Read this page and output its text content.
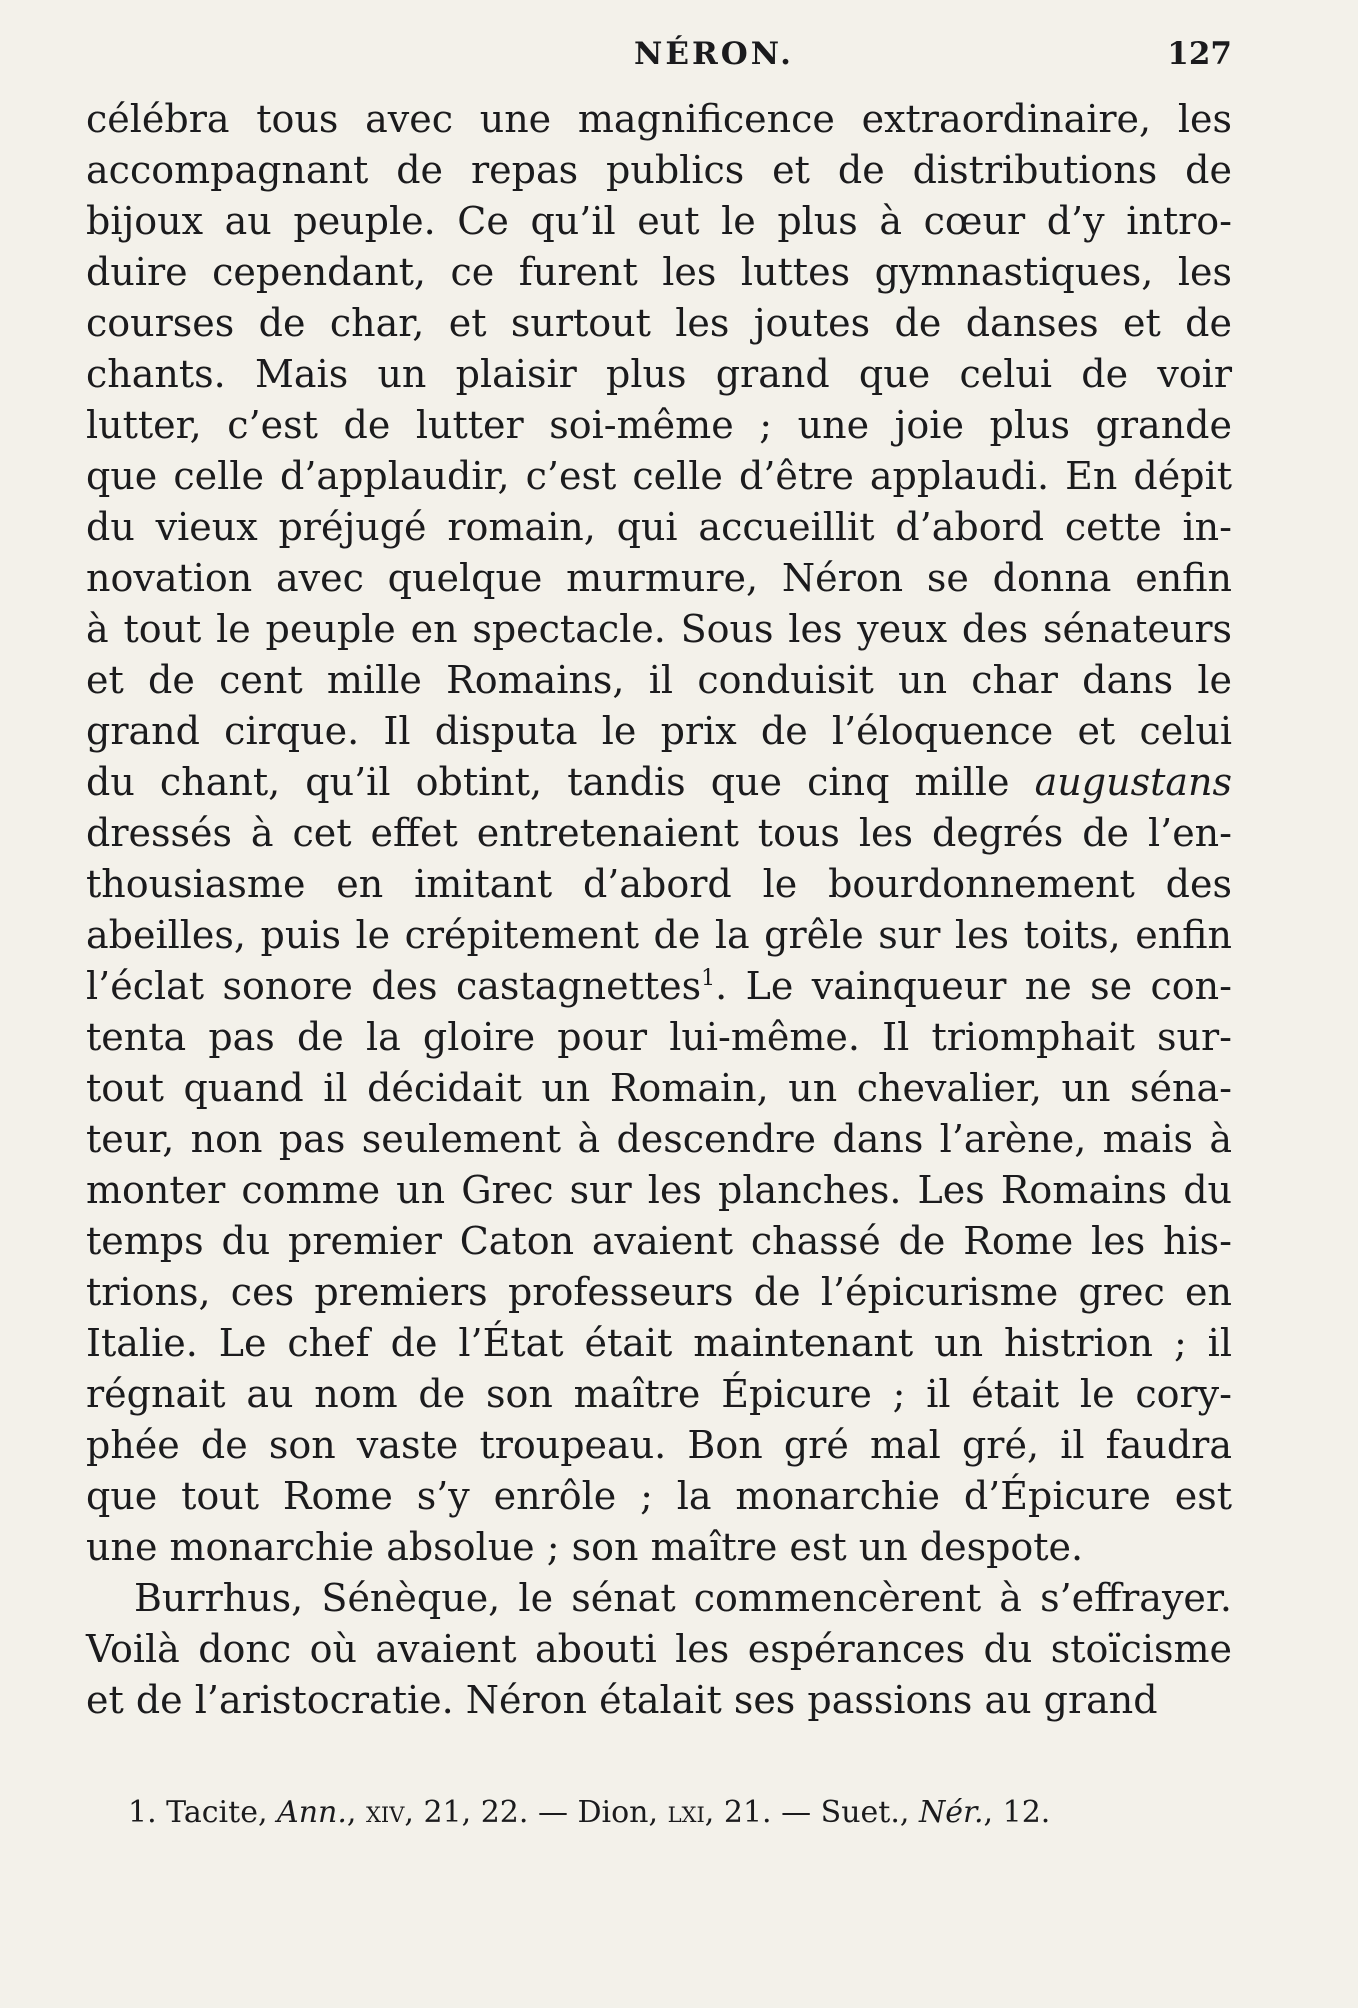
NÉRON.	127
célébra tous avec une magnificence extraordinaire, les
accompagnant de repas publics et de distributions de
bijoux au peuple. Ce qu’il eut le plus à cœur d’y intro-
duire cependant, ce furent les luttes gymnastiques, les
courses de char, et surtout les joutes de danses et de
chants. Mais un plaisir plus grand que celui de voir
lutter, c’est de lutter soi-même ; une joie plus grande
que celle d’applaudir, c’est celle d’être applaudi. En dépit
du vieux préjugé romain, qui accueillit d’abord cette in-
novation avec quelque murmure, Néron se donna enfin
à tout le peuple en spectacle. Sous les yeux des sénateurs
et de cent mille Romains, il conduisit un char dans le
grand cirque. Il disputa le prix de l’éloquence et celui
du chant, qu’il obtint, tandis que cinq mille augustans
dressés à cet effet entretenaient tous les degrés de l’en-
thousiasme en imitant d’abord le bourdonnement des
abeilles, puis le crépitement de la grêle sur les toits, enfin
l’éclat sonore des castagnettes$^1$. Le vainqueur ne se con-
tenta pas de la gloire pour lui-même. Il triomphait sur-
tout quand il décidait un Romain, un chevalier, un séna-
teur, non pas seulement à descendre dans l’arène, mais à
monter comme un Grec sur les planches. Les Romains du
temps du premier Caton avaient chassé de Rome les his-
trions, ces premiers professeurs de l’épicurisme grec en
Italie. Le chef de l’État était maintenant un histrion ; il
régnait au nom de son maître Épicure ; il était le cory-
phée de son vaste troupeau. Bon gré mal gré, il faudra
que tout Rome s’y enrôle ; la monarchie d’Épicure est
une monarchie absolue ; son maître est un despote.
Burrhus, Sénèque, le sénat commencèrent à s’effrayer.
Voilà donc où avaient abouti les espérances du stoïcisme
et de l’aristocratie. Néron étalait ses passions au grand
1. Tacite, Ann., xiv, 21, 22. — Dion, lxi, 21. — Suet., Nér., 12.
